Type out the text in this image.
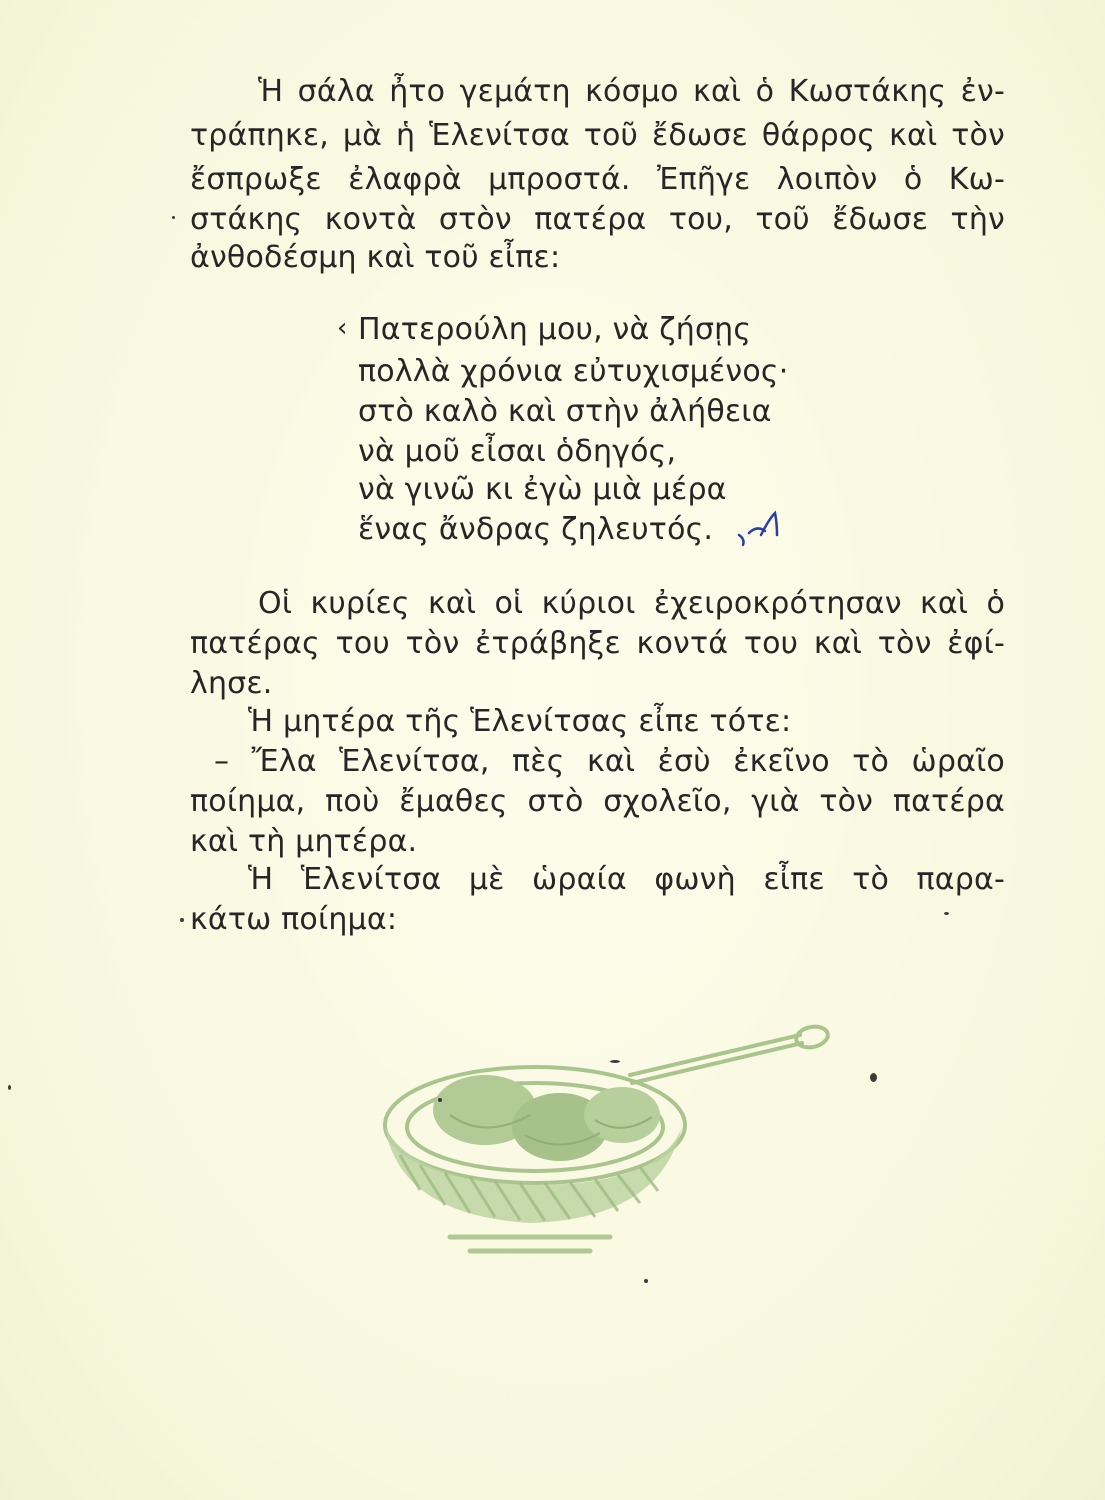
Ἡ σάλα ἦτο γεμάτη κόσμο καὶ ὁ Κωστάκης ἐν-
τράπηκε, μὰ ἡ Ἑλενίτσα τοῦ ἔδωσε θάρρος καὶ τὸν
ἔσπρωξε ἐλαφρὰ μπροστά. Ἐπῆγε λοιπὸν ὁ Κω-
στάκης κοντὰ στὸν πατέρα του, τοῦ ἔδωσε τὴν
ἀνθοδέσμη καὶ τοῦ εἶπε:
‹ Πατερούλη μου, νὰ ζήσῃς
πολλὰ χρόνια εὐτυχισμένος·
στὸ καλὸ καὶ στὴν ἀλήθεια
νὰ μοῦ εἶσαι ὁδηγός,
νὰ γινῶ κι ἐγὼ μιὰ μέρα
ἕνας ἄνδρας ζηλευτός.
Οἱ κυρίες καὶ οἱ κύριοι ἐχειροκρότησαν καὶ ὁ
πατέρας του τὸν ἐτράβηξε κοντά του καὶ τὸν ἐφί-
λησε.
Ἡ μητέρα τῆς Ἑλενίτσας εἶπε τότε:
– Ἔλα Ἑλενίτσα, πὲς καὶ ἐσὺ ἐκεῖνο τὸ ὡραῖο
ποίημα, ποὺ ἔμαθες στὸ σχολεῖο, γιὰ τὸν πατέρα
καὶ τὴ μητέρα.
Ἡ Ἑλενίτσα μὲ ὡραία φωνὴ εἶπε τὸ παρα-
κάτω ποίημα:
